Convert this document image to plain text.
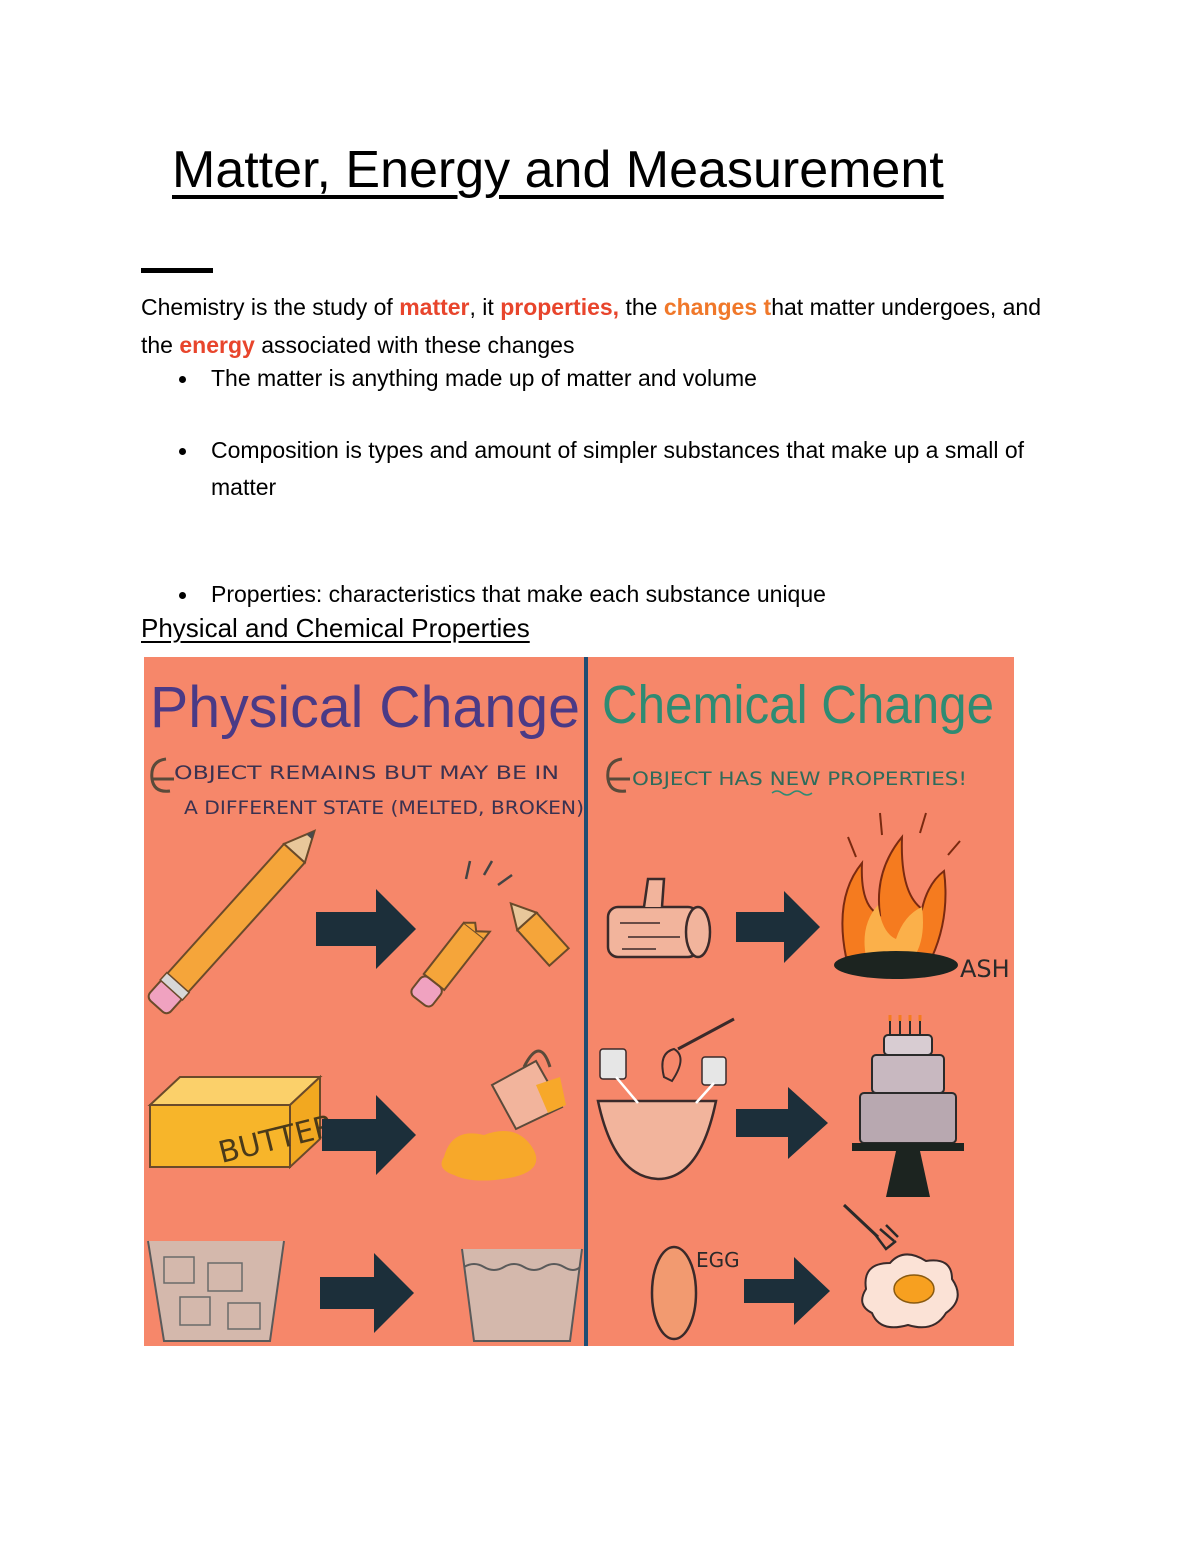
Matter, Energy and Measurement
Chemistry is the study of matter, it properties, the changes that matter undergoes, and the energy associated with these changes
The matter is anything made up of matter and volume
Composition is types and amount of simpler substances that make up a small of matter
Properties: characteristics that make each substance unique
Physical and Chemical Properties
Physical Change Chemical Change
OBJECT REMAINS BUT MAY BE IN
A DIFFERENT STATE (MELTED, BROKEN)
OBJECT HAS NEW PROPERTIES!
ASH
BUTTER
EGG
